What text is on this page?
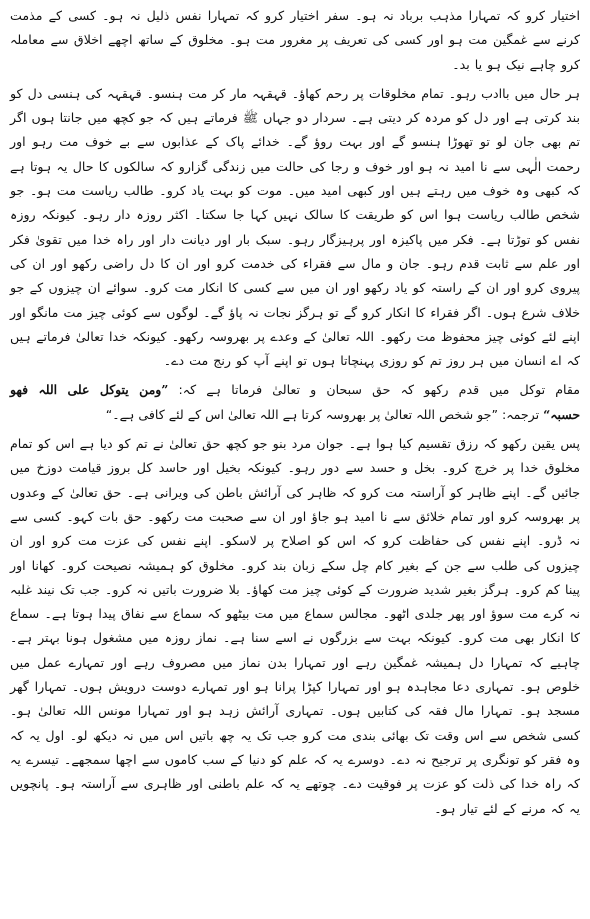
اختیار کرو کہ تمہارا مذہب برباد نہ ہو۔ سفر اختیار کرو کہ تمہارا نفس ذلیل نہ ہو۔ کسی کے مذمت کرنے سے غمگین مت ہو اور کسی کی تعریف پر مغرور مت ہو۔ مخلوق کے ساتھ اچھے اخلاق سے معاملہ کرو چاہے نیک ہو یا بد۔

ہر حال میں باادب رہو۔ تمام مخلوقات پر رحم کھاؤ۔ قہقہہ مار کر مت ہنسو۔ قہقہہ کی ہنسی دل کو بند کرتی ہے اور دل کو مردہ کر دیتی ہے۔ سردار دو جہاں ﷺ فرماتے ہیں کہ جو کچھ میں جانتا ہوں اگر تم بھی جان لو تو تھوڑا ہنسو گے اور بہت روؤ گے۔ خدائے پاک کے عذابوں سے بے خوف مت رہو اور رحمت الٰہی سے نا امید نہ ہو اور خوف و رجا کی حالت میں زندگی گزارو کہ سالکوں کا حال یہ ہوتا ہے کہ کبھی وہ خوف میں رہتے ہیں اور کبھی امید میں۔ موت کو بہت یاد کرو۔ طالب ریاست مت ہو۔ جو شخص طالب ریاست ہوا اس کو طریقت کا سالک نہیں کہا جا سکتا۔ اکثر روزہ دار رہو۔ کیونکہ روزہ نفس کو توڑتا ہے۔ فکر میں پاکیزہ اور پرہیزگار رہو۔ سبک بار اور دیانت دار اور راہ خدا میں تقویٰ فکر اور علم سے ثابت قدم رہو۔ جان و مال سے فقراء کی خدمت کرو اور ان کا دل راضی رکھو اور ان کی پیروی کرو اور ان کے راستہ کو یاد رکھو اور ان میں سے کسی کا انکار مت کرو۔ سوائے ان چیزوں کے جو خلاف شرع ہوں۔ اگر فقراء کا انکار کرو گے تو ہرگز نجات نہ پاؤ گے۔ لوگوں سے کوئی چیز مت مانگو اور اپنے لئے کوئی چیز محفوظ مت رکھو۔ اللہ تعالیٰ کے وعدے پر بھروسہ رکھو۔ کیونکہ خدا تعالیٰ فرماتے ہیں کہ اے انسان میں ہر روز تم کو روزی پہنچاتا ہوں تو اپنے آپ کو رنج مت دے۔

مقام توکل میں قدم رکھو کہ حق سبحان و تعالیٰ فرماتا ہے کہ: ”ومن یتوکل علی اللہ فھو

حسبہ“ ترجمہ: ”جو شخص اللہ تعالیٰ پر بھروسہ کرتا ہے اللہ تعالیٰ اس کے لئے کافی ہے۔“

پس یقین رکھو کہ رزق تقسیم کیا ہوا ہے۔ جوان مرد بنو جو کچھ حق تعالیٰ نے تم کو دیا ہے اس کو تمام مخلوق خدا پر خرچ کرو۔ بخل و حسد سے دور رہو۔ کیونکہ بخیل اور حاسد کل بروز قیامت دوزخ میں جائیں گے۔ اپنے ظاہر کو آراستہ مت کرو کہ ظاہر کی آرائش باطن کی ویرانی ہے۔ حق تعالیٰ کے وعدوں پر بھروسہ کرو اور تمام خلائق سے نا امید ہو جاؤ اور ان سے صحبت مت رکھو۔ حق بات کہو۔ کسی سے نہ ڈرو۔ اپنے نفس کی حفاظت کرو کہ اس کو اصلاح پر لاسکو۔ اپنے نفس کی عزت مت کرو اور ان چیزوں کی طلب سے جن کے بغیر کام چل سکے زبان بند کرو۔ مخلوق کو ہمیشہ نصیحت کرو۔ کھانا اور پینا کم کرو۔ ہرگز بغیر شدید ضرورت کے کوئی چیز مت کھاؤ۔ بلا ضرورت باتیں نہ کرو۔ جب تک نیند غلبہ نہ کرے مت سوؤ اور پھر جلدی اٹھو۔ مجالس سماع میں مت بیٹھو کہ سماع سے نفاق پیدا ہوتا ہے۔ سماع کا انکار بھی مت کرو۔ کیونکہ بہت سے بزرگوں نے اسے سنا ہے۔ نماز روزہ میں مشغول ہونا بہتر ہے۔ چاہیے کہ تمہارا دل ہمیشہ غمگین رہے اور تمہارا بدن نماز میں مصروف رہے اور تمہارے عمل میں خلوص ہو۔ تمہاری دعا مجاہدہ ہو اور تمہارا کپڑا پرانا ہو اور تمہارے دوست درویش ہوں۔ تمہارا گھر مسجد ہو۔ تمہارا مال فقہ کی کتابیں ہوں۔ تمہاری آرائش زہد ہو اور تمہارا مونس اللہ تعالیٰ ہو۔ کسی شخص سے اس وقت تک بھائی بندی مت کرو جب تک یہ چھ باتیں اس میں نہ دیکھ لو۔ اول یہ کہ وہ فقر کو تونگری پر ترجیح نہ دے۔ دوسرے یہ کہ علم کو دنیا کے سب کاموں سے اچھا سمجھے۔ تیسرے یہ کہ راہ خدا کی ذلت کو عزت پر فوقیت دے۔ چوتھے یہ کہ علم باطنی اور ظاہری سے آراستہ ہو۔ پانچویں یہ کہ مرنے کے لئے تیار ہو۔
